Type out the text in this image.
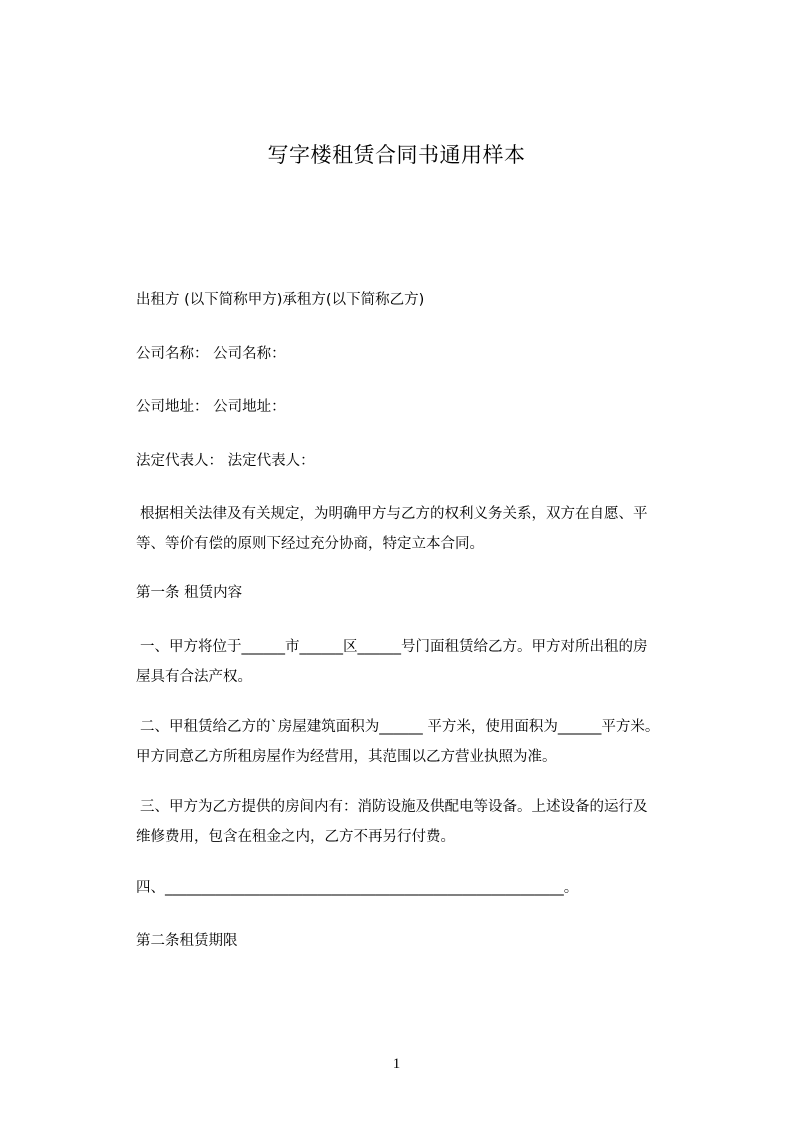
写字楼租赁合同书通用样本
出租方 (以下简称甲方)承租方(以下简称乙方)
公司名称： 公司名称：
公司地址： 公司地址：
法定代表人： 法定代表人：
根据相关法律及有关规定，为明确甲方与乙方的权利义务关系，双方在自愿、平
等、等价有偿的原则下经过充分协商，特定立本合同。
第一条 租赁内容
一、甲方将位于______市______区______号门面租赁给乙方。甲方对所出租的房
屋具有合法产权。
二、甲租赁给乙方的`房屋建筑面积为______ 平方米，使用面积为______平方米。
甲方同意乙方所租房屋作为经营用，其范围以乙方营业执照为准。
三、甲方为乙方提供的房间内有：消防设施及供配电等设备。上述设备的运行及
维修费用，包含在租金之内，乙方不再另行付费。
四、_______________________________________________________。
第二条租赁期限
1
